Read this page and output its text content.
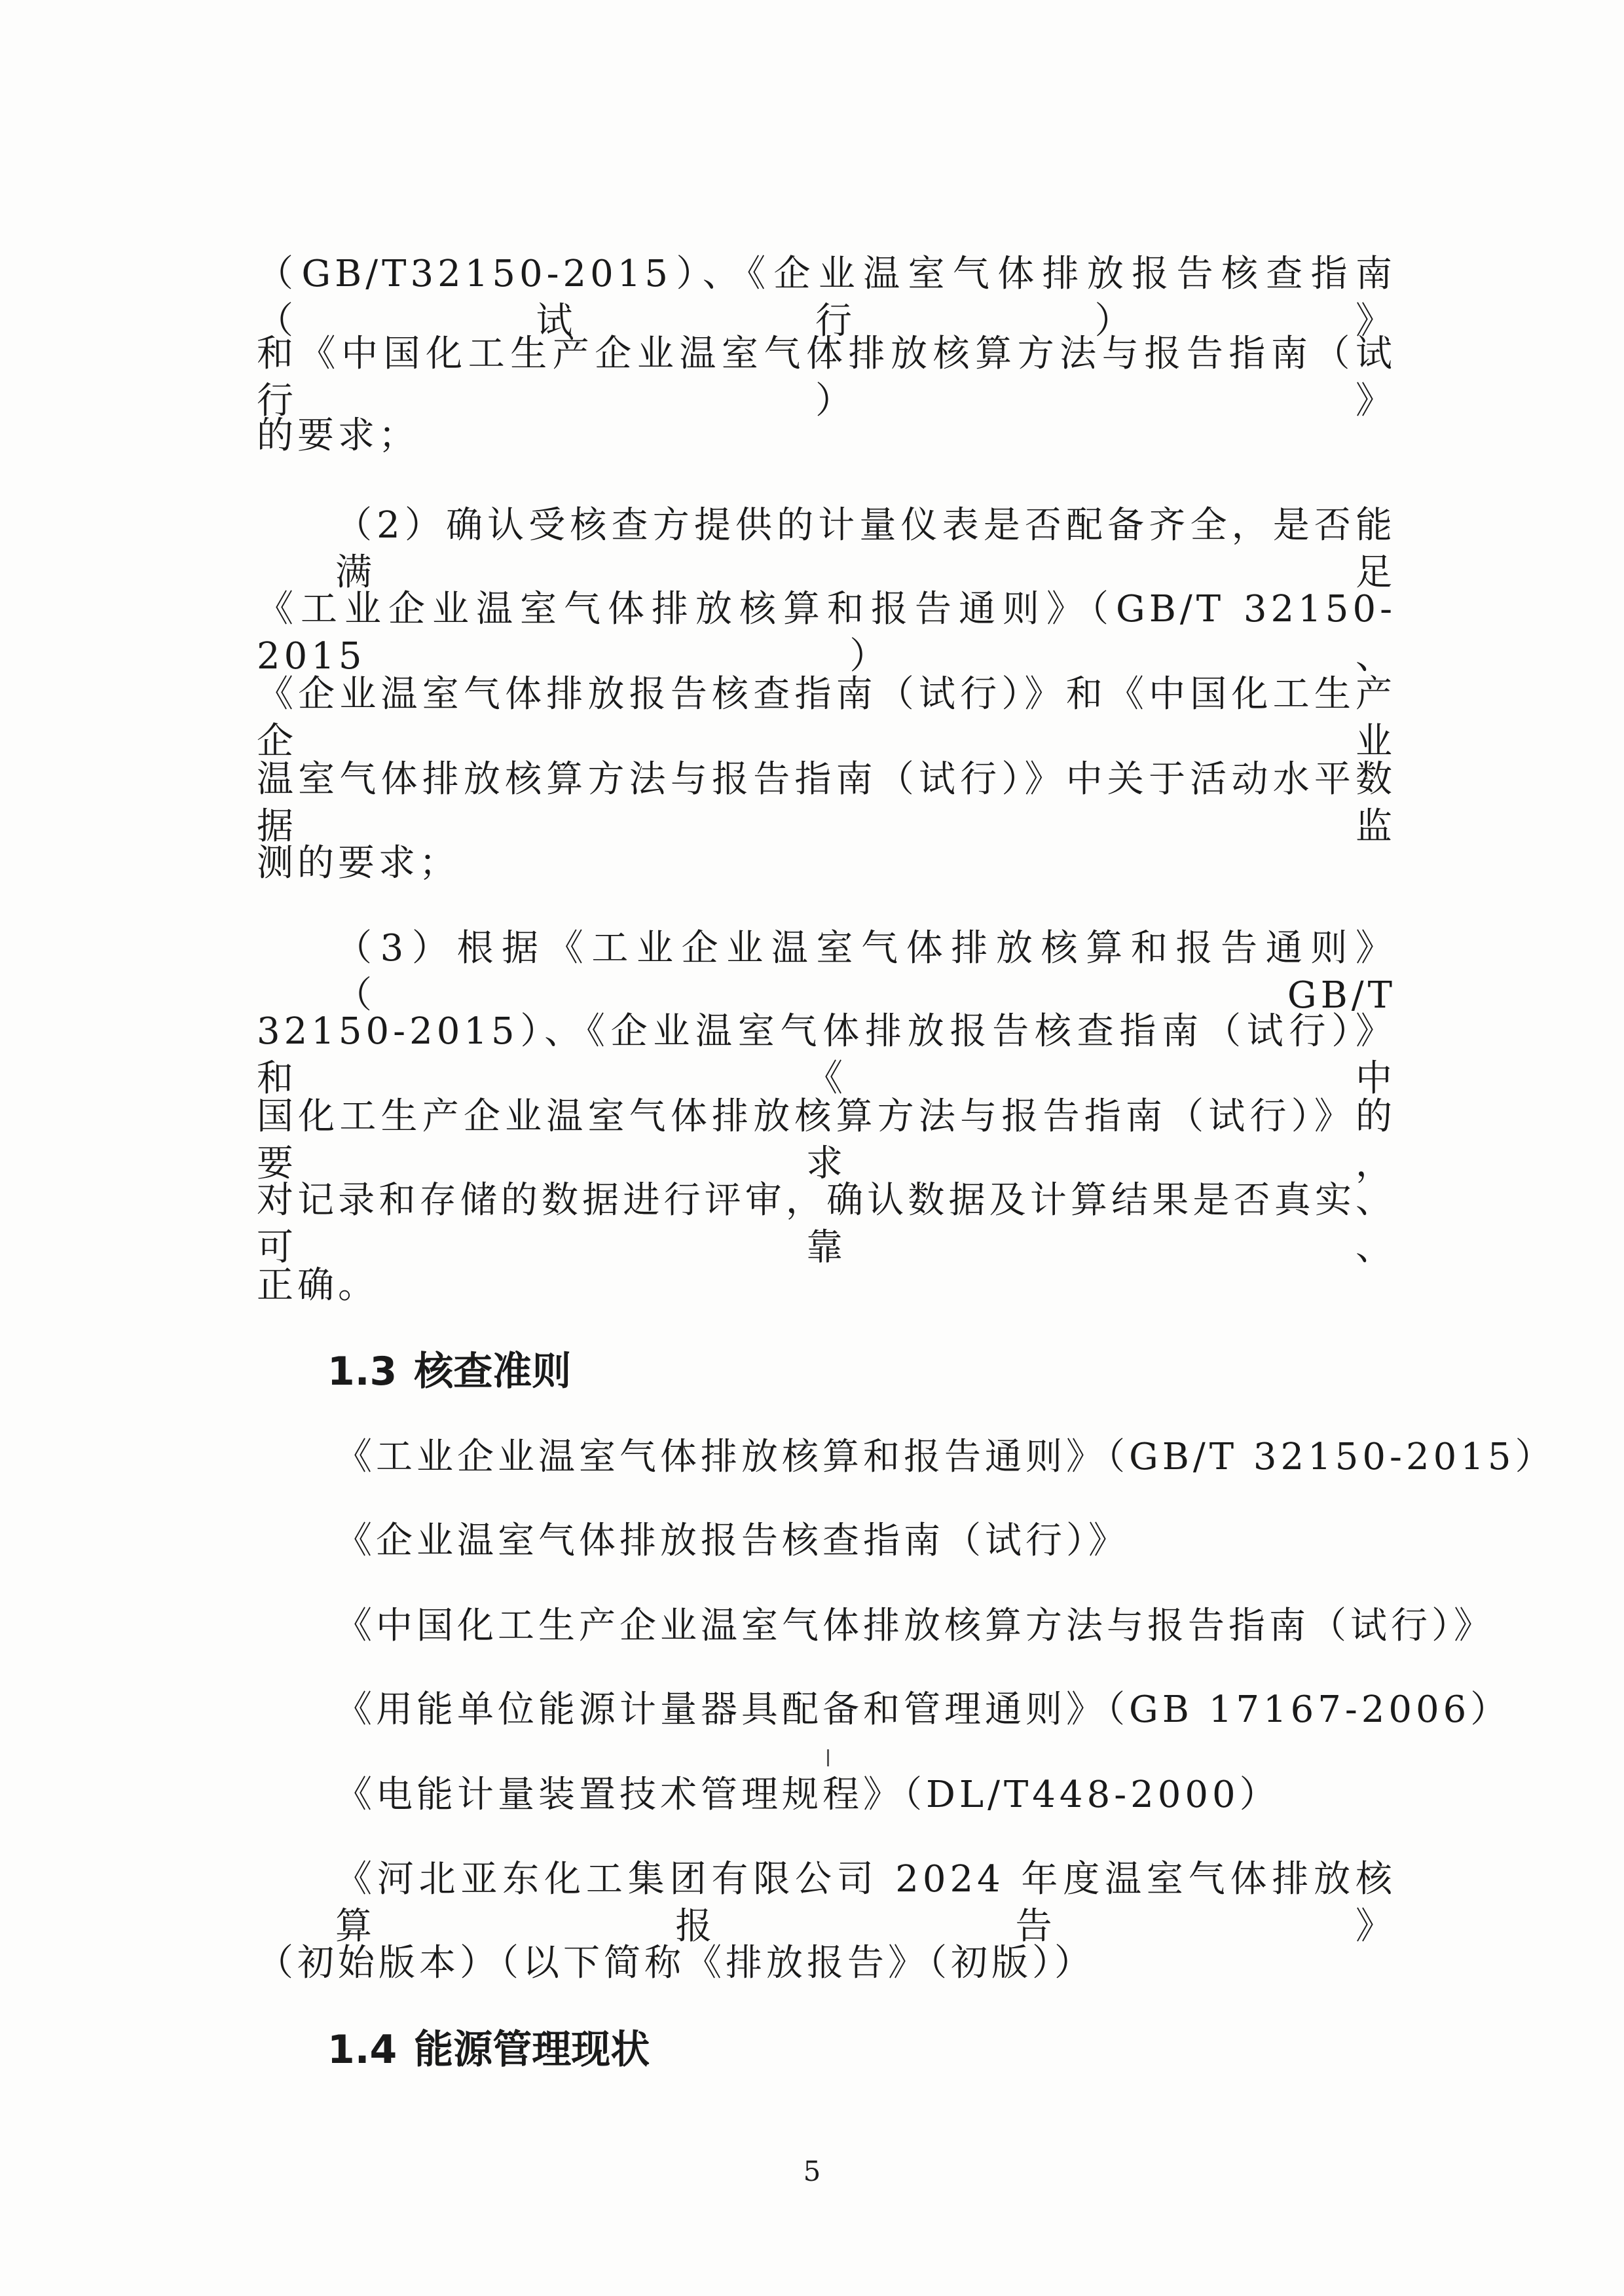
（GB/T32150-2015）、《企业温室气体排放报告核查指南（试行）》
和《中国化工生产企业温室气体排放核算方法与报告指南（试行）》
的要求；
（2）确认受核查方提供的计量仪表是否配备齐全，是否能满足
《工业企业温室气体排放核算和报告通则》（GB/T 32150-2015）、
《企业温室气体排放报告核查指南（试行）》和《中国化工生产企业
温室气体排放核算方法与报告指南（试行）》中关于活动水平数据监
测的要求；
（3）根据《工业企业温室气体排放核算和报告通则》（GB/T
32150-2015）、《企业温室气体排放报告核查指南（试行）》和《中
国化工生产企业温室气体排放核算方法与报告指南（试行）》的要求，
对记录和存储的数据进行评审，确认数据及计算结果是否真实、可靠、
正确。
1.3 核查准则
《工业企业温室气体排放核算和报告通则》（GB/T 32150-2015）
《企业温室气体排放报告核查指南（试行）》
《中国化工生产企业温室气体排放核算方法与报告指南（试行）》
《用能单位能源计量器具配备和管理通则》（GB 17167-2006）
《电能计量装置技术管理规程》（DL/T448-2000）
《河北亚东化工集团有限公司 2024 年度温室气体排放核算报告》
（初始版本）（以下简称《排放报告》（初版））
1.4 能源管理现状
5
